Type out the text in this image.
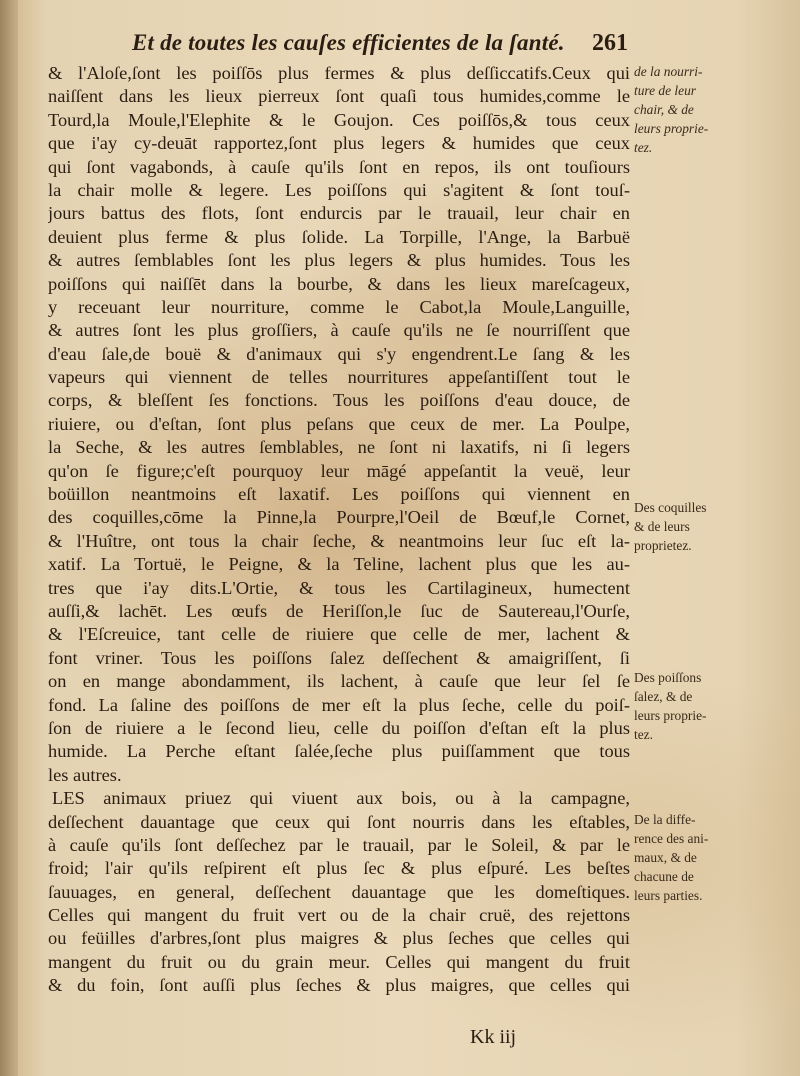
Et de toutes les cauſes efficientes de la ſanté. 261
& l'Aloſe,ſont les poiſſōs plus fermes & plus deſſiccatifs.Ceux qui
naiſſent dans les lieux pierreux ſont quaſi tous humides,comme le
Tourd,la Moule,l'Elephite & le Goujon. Ces poiſſōs,& tous ceux
que i'ay cy-deuāt rapportez,ſont plus legers & humides que ceux
qui ſont vagabonds, à cauſe qu'ils ſont en repos, ils ont touſiours
la chair molle & legere. Les poiſſons qui s'agitent & ſont touſ-
jours battus des flots, ſont endurcis par le trauail, leur chair en
deuient plus ferme & plus ſolide. La Torpille, l'Ange, la Barbuë
& autres ſemblables ſont les plus legers & plus humides. Tous les
poiſſons qui naiſſēt dans la bourbe, & dans les lieux mareſcageux,
y receuant leur nourriture, comme le Cabot,la Moule,Languille,
& autres ſont les plus groſſiers, à cauſe qu'ils ne ſe nourriſſent que
d'eau ſale,de bouë & d'animaux qui s'y engendrent.Le ſang & les
vapeurs qui viennent de telles nourritures appeſantiſſent tout le
corps, & bleſſent ſes fonctions. Tous les poiſſons d'eau douce, de
riuiere, ou d'eſtan, ſont plus peſans que ceux de mer. La Poulpe,
la Seche, & les autres ſemblables, ne ſont ni laxatifs, ni ſi legers
qu'on ſe figure;c'eſt pourquoy leur māgé appeſantit la veuë, leur
boüillon neantmoins eſt laxatif. Les poiſſons qui viennent en
des coquilles,cōme la Pinne,la Pourpre,l'Oeil de Bœuf,le Cornet,
& l'Huître, ont tous la chair ſeche, & neantmoins leur ſuc eſt la-
xatif. La Tortuë, le Peigne, & la Teline, lachent plus que les au-
tres que i'ay dits.L'Ortie, & tous les Cartilagineux, humectent
auſſi,& lachēt. Les œufs de Heriſſon,le ſuc de Sautereau,l'Ourſe,
& l'Eſcreuice, tant celle de riuiere que celle de mer, lachent &
font vriner. Tous les poiſſons ſalez deſſechent & amaigriſſent, ſi
on en mange abondamment, ils lachent, à cauſe que leur ſel ſe
fond. La ſaline des poiſſons de mer eſt la plus ſeche, celle du poiſ-
ſon de riuiere a le ſecond lieu, celle du poiſſon d'eſtan eſt la plus
humide. La Perche eſtant ſalée,ſeche plus puiſſamment que tous
les autres.
LES animaux priuez qui viuent aux bois, ou à la campagne,
deſſechent dauantage que ceux qui ſont nourris dans les eſtables,
à cauſe qu'ils ſont deſſechez par le trauail, par le Soleil, & par le
froid; l'air qu'ils reſpirent eſt plus ſec & plus eſpuré. Les beſtes
ſauuages, en general, deſſechent dauantage que les domeſtiques.
Celles qui mangent du fruit vert ou de la chair cruë, des rejettons
ou feüilles d'arbres,ſont plus maigres & plus ſeches que celles qui
mangent du fruit ou du grain meur. Celles qui mangent du fruit
& du foin, ſont auſſi plus ſeches & plus maigres, que celles qui
de la nourri-
ture de leur
chair, & de
leurs proprie-
tez.
Des coquilles
& de leurs
proprietez.
Des poiſſons
ſalez, & de
leurs proprie-
tez.
De la diffe-
rence des ani-
maux, & de
chacune de
leurs parties.
Kk iij
